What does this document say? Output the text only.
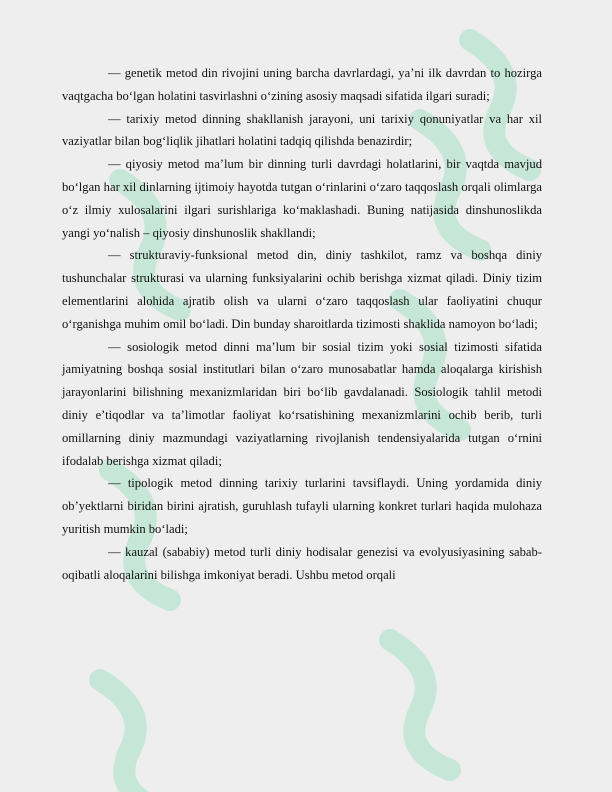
— genetik metod din rivojini uning barcha davrlardagi, ya’ni ilk davrdan to hozirga vaqtgacha bo‘lgan holatini tasvirlashni o‘zining asosiy maqsadi sifatida ilgari suradi;

— tarixiy metod dinning shakllanish jarayoni, uni tarixiy qonuniyatlar va har xil vaziyatlar bilan bog‘liqlik jihatlari holatini tadqiq qilishda benazirdir;

— qiyosiy metod ma’lum bir dinning turli davrdagi holatlarini, bir vaqtda mavjud bo‘lgan har xil dinlarning ijtimoiy hayotda tutgan o‘rinlarini o‘zaro taqqoslash orqali olimlarga o‘z ilmiy xulosalarini ilgari surishlariga ko‘maklashadi. Buning natijasida dinshunoslikda yangi yo‘nalish – qiyosiy dinshunoslik shakllandi;

— strukturaviy-funksional metod din, diniy tashkilot, ramz va boshqa diniy tushunchalar strukturasi va ularning funksiyalarini ochib berishga xizmat qiladi. Diniy tizim elementlarini alohida ajratib olish va ularni o‘zaro taqqoslash ular faoliyatini chuqur o‘rganishga muhim omil bo‘ladi. Din bunday sharoitlarda tizimosti shaklida namoyon bo‘ladi;

— sosiologik metod dinni ma’lum bir sosial tizim yoki sosial tizimosti sifatida jamiyatning boshqa sosial institutlari bilan o‘zaro munosabatlar hamda aloqalarga kirishish jarayonlarini bilishning mexanizmlaridan biri bo‘lib gavdalanadi. Sosiologik tahlil metodi diniy e’tiqodlar va ta’limotlar faoliyat ko‘rsatishining mexanizmlarini ochib berib, turli omillarning diniy mazmundagi vaziyatlarning rivojlanish tendensiyalarida tutgan o‘rnini ifodalab berishga xizmat qiladi;

— tipologik metod dinning tarixiy turlarini tavsiflaydi. Uning yordamida diniy ob’yektlarni biridan birini ajratish, guruhlash tufayli ularning konkret turlari haqida mulohaza yuritish mumkin bo‘ladi;

— kauzal (sababiy) metod turli diniy hodisalar genezisi va evolyusiyasining sabab-oqibatli aloqalarini bilishga imkoniyat beradi. Ushbu metod orqali
